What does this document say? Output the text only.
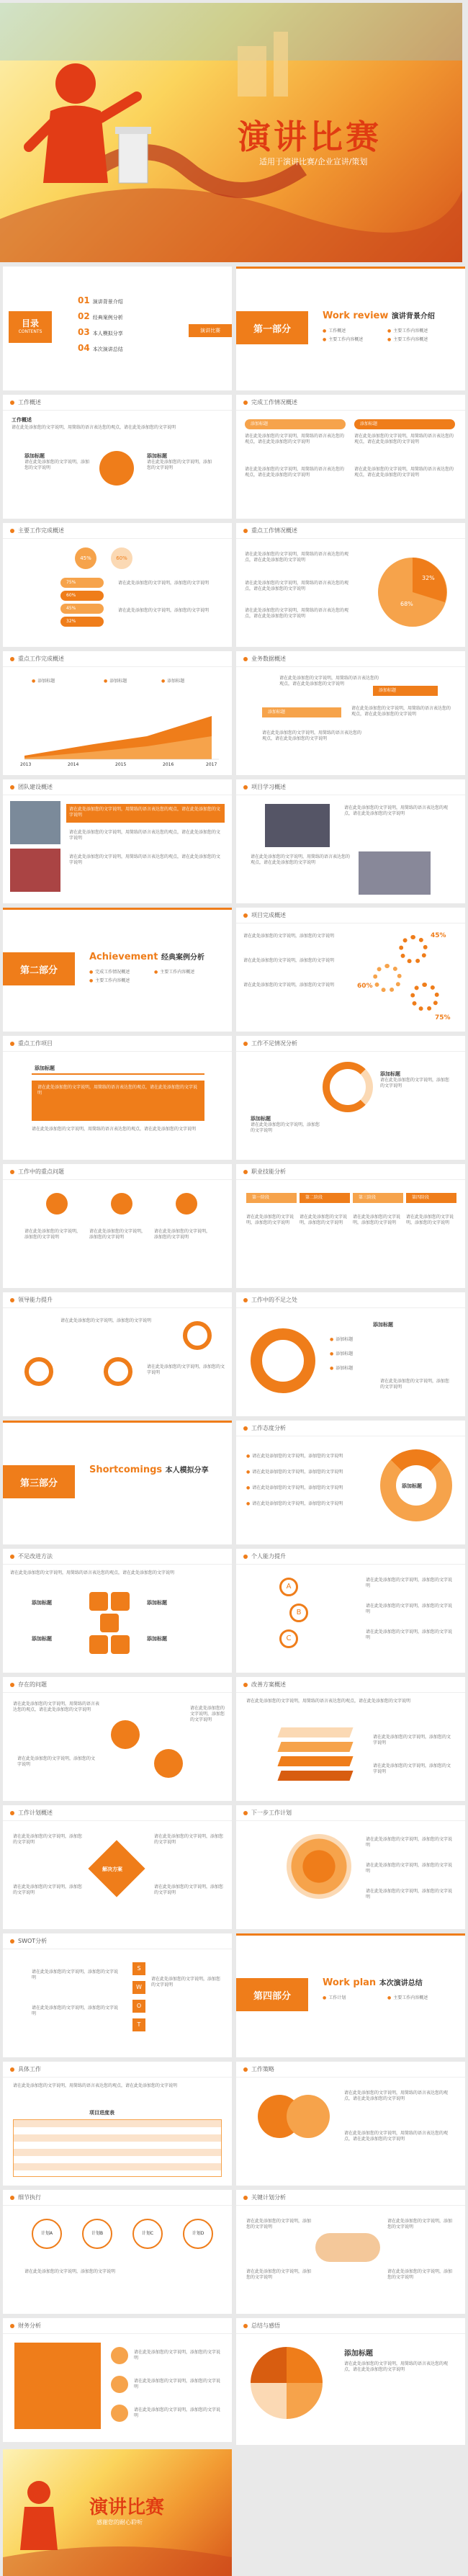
演讲比赛
适用于演讲比赛/企业宣讲/策划
目录
CONTENTS
01 演讲背景介绍
02 经典案例分析
03 本人模拟分享
04 本次演讲总结
演讲比赛	第一部分
Work review 演讲背景介绍
● 工作概述
● 主要工作内容概述
● 主要工作内容概述
● 主要工作内容概述
工作概述
工作概述
请在此处添加您的文字说明，用简练的语言表达您的观点，请在此处添加您的文字说明
添加标题
请在此处添加您的文字说明，添加您的文字说明
添加标题
请在此处添加您的文字说明，添加您的文字说明
完成工作情况概述
添加标题	添加标题
请在此处添加您的文字说明，用简练的语言表达您的观点，请在此处添加您的文字说明
请在此处添加您的文字说明，用简练的语言表达您的观点，请在此处添加您的文字说明
请在此处添加您的文字说明，用简练的语言表达您的观点，请在此处添加您的文字说明
请在此处添加您的文字说明，用简练的语言表达您的观点，请在此处添加您的文字说明
主要工作完成概述
45%	60%
75%
60%
45%
32%
请在此处添加您的文字说明，添加您的文字说明
请在此处添加您的文字说明，添加您的文字说明
重点工作情况概述
请在此处添加您的文字说明，用简练的语言表达您的观点，请在此处添加您的文字说明
请在此处添加您的文字说明，用简练的语言表达您的观点，请在此处添加您的文字说明
请在此处添加您的文字说明，用简练的语言表达您的观点，请在此处添加您的文字说明
68%
32%
重点工作完成概述
● 添加标题	● 添加标题	● 添加标题
2013	2014	2015	2016	2017
业务数据概述
请在此处添加您的文字说明，用简练的语言表达您的观点，请在此处添加您的文字说明
添加标题
添加标题
请在此处添加您的文字说明，用简练的语言表达您的观点，请在此处添加您的文字说明
请在此处添加您的文字说明，用简练的语言表达您的观点，请在此处添加您的文字说明
团队建设概述
请在此处添加您的文字说明，用简练的语言表达您的观点，请在此处添加您的文字说明
请在此处添加您的文字说明，用简练的语言表达您的观点，请在此处添加您的文字说明
请在此处添加您的文字说明，用简练的语言表达您的观点，请在此处添加您的文字说明
项目学习概述
请在此处添加您的文字说明，用简练的语言表达您的观点，请在此处添加您的文字说明
请在此处添加您的文字说明，用简练的语言表达您的观点，请在此处添加您的文字说明
第二部分
Achievement 经典案例分析
● 完成工作情况概述
● 主要工作内容概述
● 主要工作内容概述
项目完成概述
请在此处添加您的文字说明，添加您的文字说明
请在此处添加您的文字说明，添加您的文字说明
请在此处添加您的文字说明，添加您的文字说明
45%
60%
75%
重点工作项目
添加标题
请在此处添加您的文字说明，用简练的语言表达您的观点，请在此处添加您的文字说明
请在此处添加您的文字说明，用简练的语言表达您的观点，请在此处添加您的文字说明
工作不足情况分析
添加标题
请在此处添加您的文字说明，添加您的文字说明
添加标题
请在此处添加您的文字说明，添加您的文字说明
工作中的重点问题
请在此处添加您的文字说明，添加您的文字说明
请在此处添加您的文字说明，添加您的文字说明
请在此处添加您的文字说明，添加您的文字说明
职业技能分析
第一阶段	第二阶段	第三阶段	第四阶段
请在此处添加您的文字说明，添加您的文字说明
请在此处添加您的文字说明，添加您的文字说明
请在此处添加您的文字说明，添加您的文字说明
请在此处添加您的文字说明，添加您的文字说明
领导能力提升
请在此处添加您的文字说明，添加您的文字说明
请在此处添加您的文字说明，添加您的文字说明
工作中的不足之处
添加标题
● 添加标题
● 添加标题
● 添加标题
请在此处添加您的文字说明，添加您的文字说明
第三部分
Shortcomings 本人模拟分享
工作态度分析
● 请在此处添加您的文字说明，添加您的文字说明
● 请在此处添加您的文字说明，添加您的文字说明
● 请在此处添加您的文字说明，添加您的文字说明
● 请在此处添加您的文字说明，添加您的文字说明
添加标题
不足改进方法
请在此处添加您的文字说明，用简练的语言表达您的观点，请在此处添加您的文字说明
添加标题	添加标题
添加标题	添加标题
个人能力提升
A
B
C
请在此处添加您的文字说明，添加您的文字说明
请在此处添加您的文字说明，添加您的文字说明
请在此处添加您的文字说明，添加您的文字说明
存在的问题
请在此处添加您的文字说明，用简练的语言表达您的观点，请在此处添加您的文字说明	请在此处添加您的文字说明，添加您的文字说明
请在此处添加您的文字说明，添加您的文字说明
改善方案概述
请在此处添加您的文字说明，用简练的语言表达您的观点，请在此处添加您的文字说明
请在此处添加您的文字说明，添加您的文字说明
请在此处添加您的文字说明，添加您的文字说明
工作计划概述
解决方案
请在此处添加您的文字说明，添加您的文字说明
请在此处添加您的文字说明，添加您的文字说明
请在此处添加您的文字说明，添加您的文字说明
请在此处添加您的文字说明，添加您的文字说明
下一步工作计划
请在此处添加您的文字说明，添加您的文字说明
请在此处添加您的文字说明，添加您的文字说明
请在此处添加您的文字说明，添加您的文字说明
SWOT分析
S
W
O
T
请在此处添加您的文字说明，添加您的文字说明
请在此处添加您的文字说明，添加您的文字说明
请在此处添加您的文字说明，添加您的文字说明
第四部分
Work plan 本次演讲总结
● 工作计划	● 主要工作内容概述
具体工作
请在此处添加您的文字说明，用简练的语言表达您的观点，请在此处添加您的文字说明
项目进度表
工作策略
请在此处添加您的文字说明，用简练的语言表达您的观点，请在此处添加您的文字说明
请在此处添加您的文字说明，用简练的语言表达您的观点，请在此处添加您的文字说明
细节执行
计划A	计划B	计划C	计划D
请在此处添加您的文字说明，添加您的文字说明
关键计划分析
请在此处添加您的文字说明，添加您的文字说明
请在此处添加您的文字说明，添加您的文字说明
请在此处添加您的文字说明，添加您的文字说明
请在此处添加您的文字说明，添加您的文字说明
财务分析
请在此处添加您的文字说明，添加您的文字说明
请在此处添加您的文字说明，添加您的文字说明
请在此处添加您的文字说明，添加您的文字说明
总结与感悟
添加标题
请在此处添加您的文字说明，用简练的语言表达您的观点，请在此处添加您的文字说明
演讲比赛
感谢您的耐心聆听
